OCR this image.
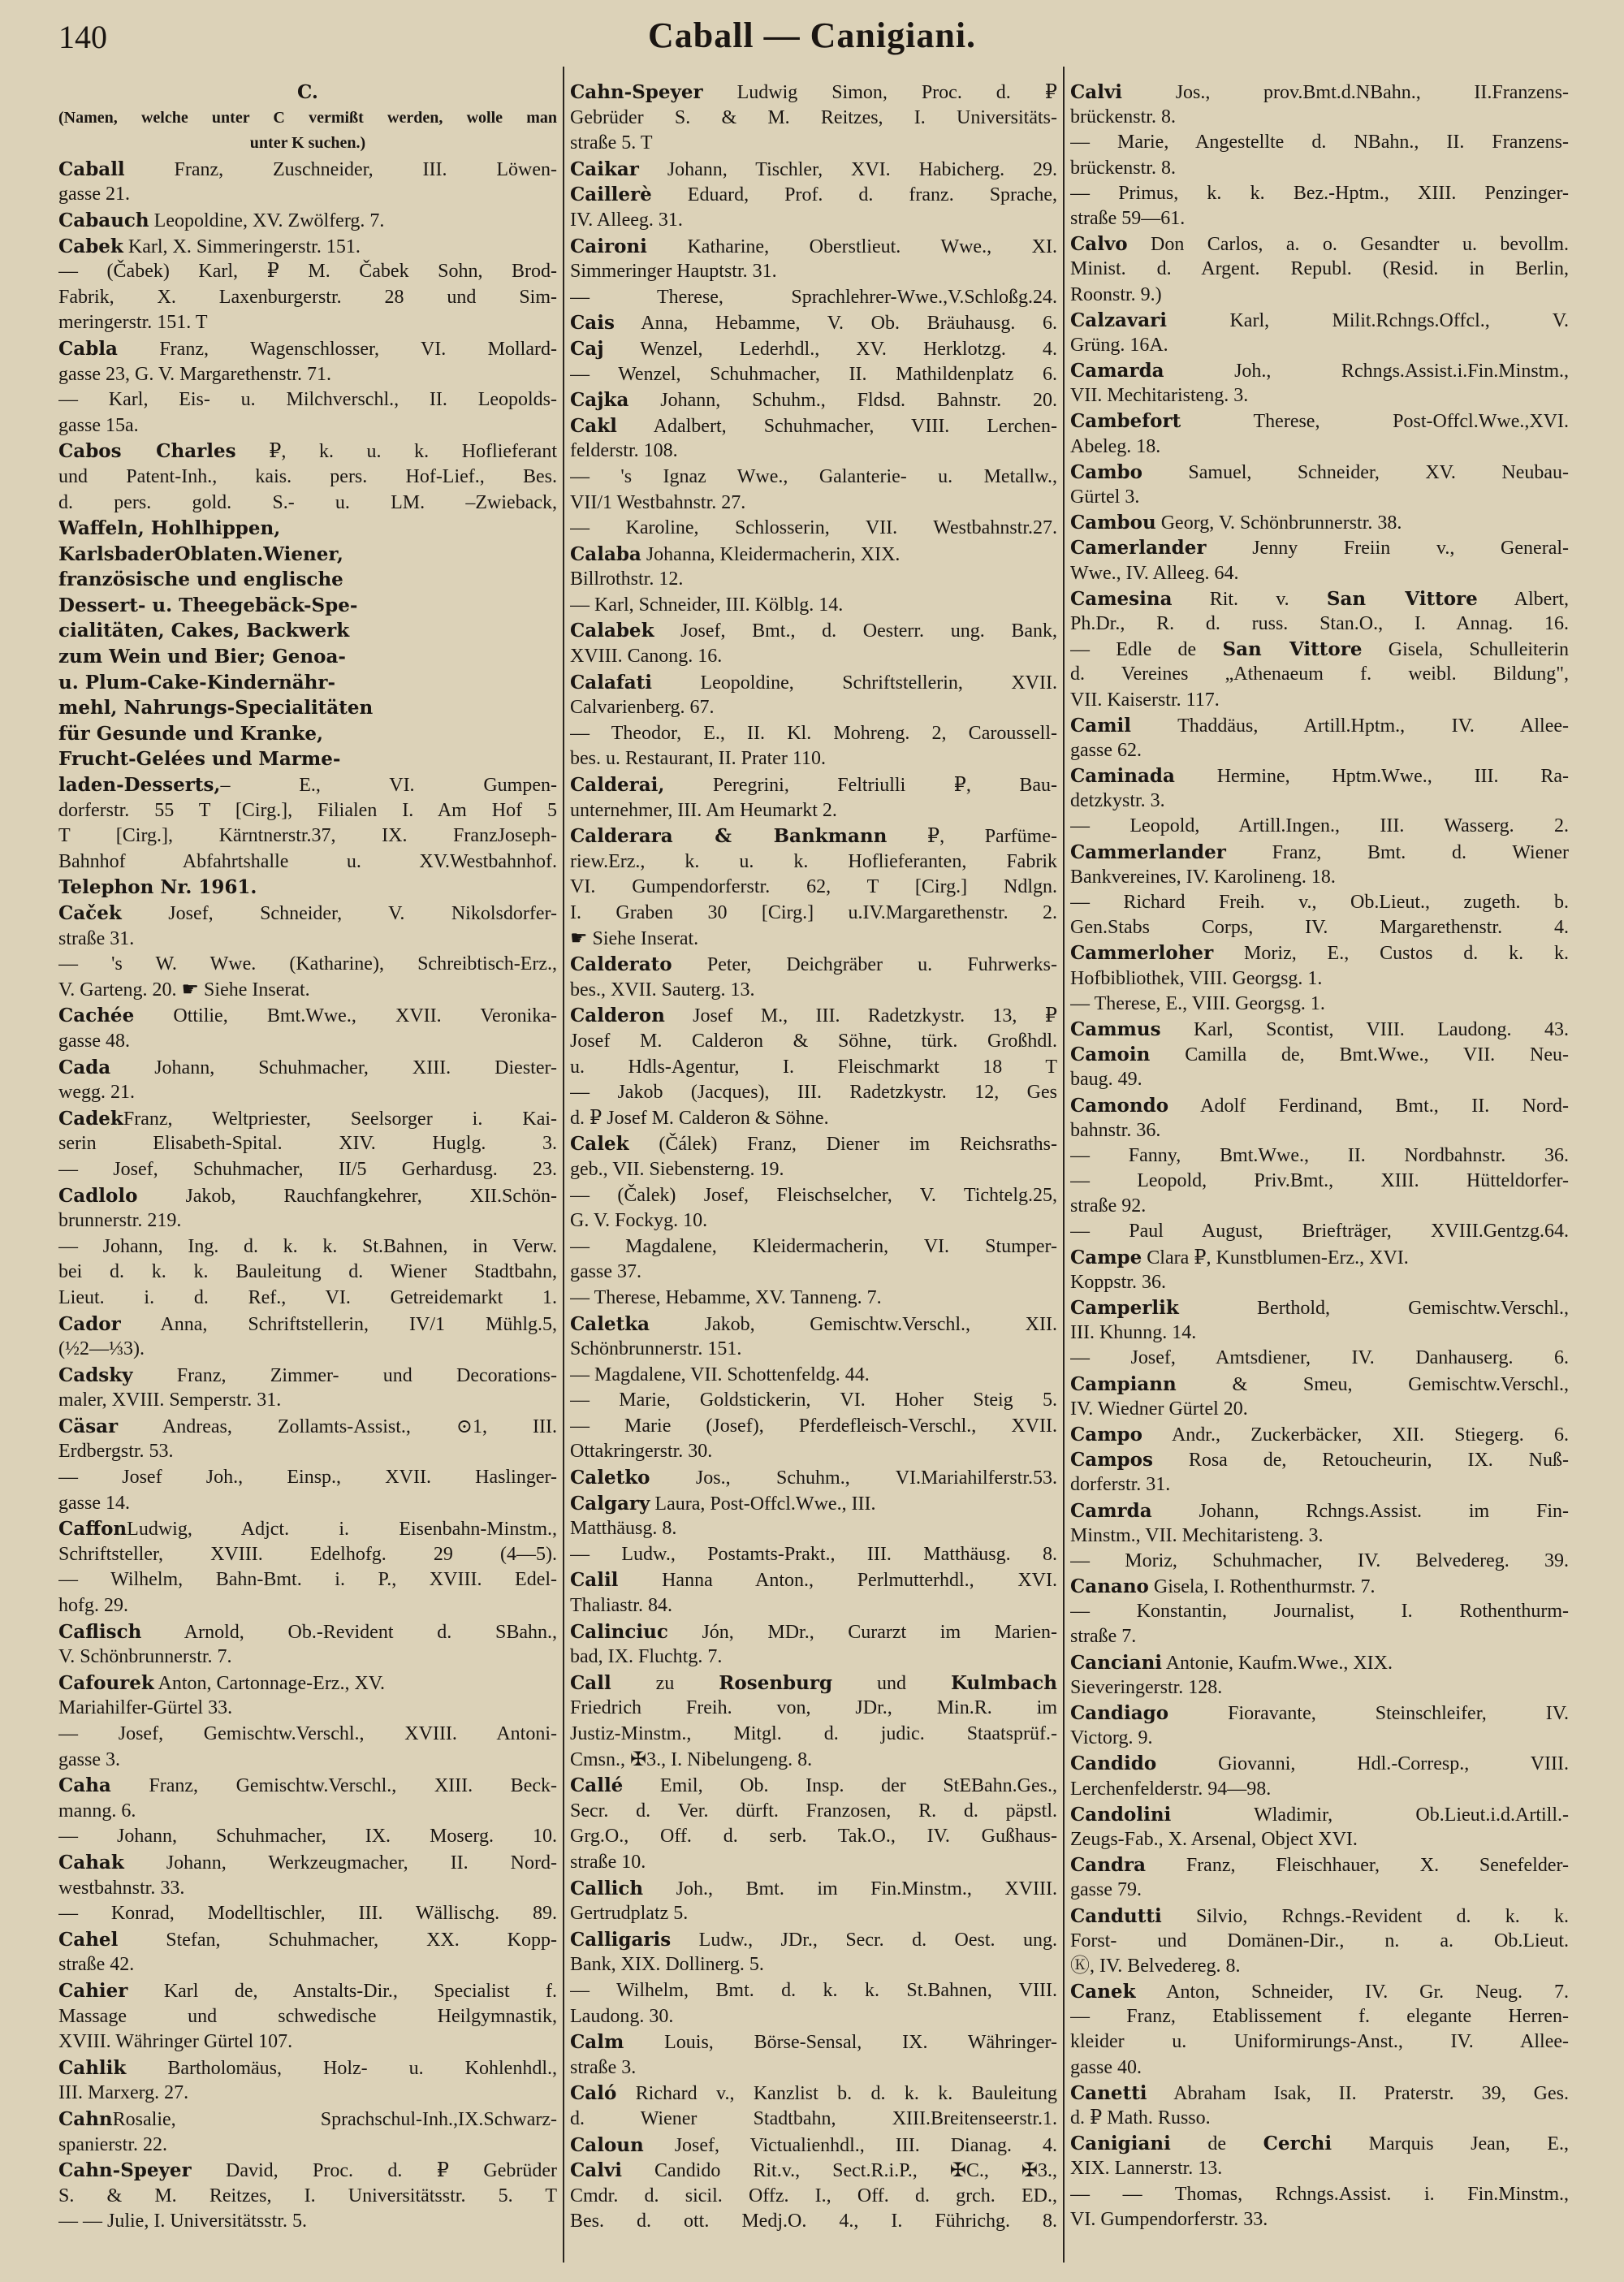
140	Caball — Canigiani.
C.
(Namen, welche unter C vermißt werden, wolle man
unter K suchen.)
Caball Franz, Zuschneider, III. Löwen-
gasse 21.
Cabauch Leopoldine, XV. Zwölferg. 7.
Cabek Karl, X. Simmeringerstr. 151.
— (Čabek) Karl, ₽ M. Čabek Sohn, Brod-
Fabrik, X. Laxenburgerstr. 28 und Sim-
meringerstr. 151. T
Cabla Franz, Wagenschlosser, VI. Mollard-
gasse 23, G. V. Margarethenstr. 71.
— Karl, Eis- u. Milchverschl., II. Leopolds-
gasse 15a.
Cabos Charles ₽, k. u. k. Hoflieferant
und Patent-Inh., kais. pers. Hof-Lief., Bes.
d. pers. gold. S.- u. LM. –Zwieback,
Waffeln, Hohlhippen,
KarlsbaderOblaten.Wiener,
französische und englische
Dessert- u. Theegebäck-Spe-
cialitäten, Cakes, Backwerk
zum Wein und Bier; Genoa-
u. Plum-Cake-Kindernähr-
mehl, Nahrungs-Specialitäten
für Gesunde und Kranke,
Frucht-Gelées und Marme-
laden-Desserts,– E., VI. Gumpen-
dorferstr. 55 T [Cirg.], Filialen I. Am Hof 5
T [Cirg.], Kärntnerstr.37, IX. FranzJoseph-
Bahnhof Abfahrtshalle u. XV.Westbahnhof.
Telephon Nr. 1961.
Caček Josef, Schneider, V. Nikolsdorfer-
straße 31.
— 's W. Wwe. (Katharine), Schreibtisch-Erz.,
V. Garteng. 20. ☛ Siehe Inserat.
Cachée Ottilie, Bmt.Wwe., XVII. Veronika-
gasse 48.
Cada Johann, Schuhmacher, XIII. Diester-
wegg. 21.
CadekFranz, Weltpriester, Seelsorger i. Kai-
serin Elisabeth-Spital. XIV. Huglg. 3.
— Josef, Schuhmacher, II/5 Gerhardusg. 23.
Cadlolo Jakob, Rauchfangkehrer, XII.Schön-
brunnerstr. 219.
— Johann, Ing. d. k. k. St.Bahnen, in Verw.
bei d. k. k. Bauleitung d. Wiener Stadtbahn,
Lieut. i. d. Ref., VI. Getreidemarkt 1.
Cador Anna, Schriftstellerin, IV/1 Mühlg.5,
(½2—⅓3).
Cadsky Franz, Zimmer- und Decorations-
maler, XVIII. Semperstr. 31.
Cäsar Andreas, Zollamts-Assist., ⊙1, III.
Erdbergstr. 53.
— Josef Joh., Einsp., XVII. Haslinger-
gasse 14.
CaffonLudwig, Adjct. i. Eisenbahn-Minstm.,
Schriftsteller, XVIII. Edelhofg. 29 (4—5).
— Wilhelm, Bahn-Bmt. i. P., XVIII. Edel-
hofg. 29.
Caflisch Arnold, Ob.-Revident d. SBahn.,
V. Schönbrunnerstr. 7.
Cafourek Anton, Cartonnage-Erz., XV.
Mariahilfer-Gürtel 33.
— Josef, Gemischtw.Verschl., XVIII. Antoni-
gasse 3.
Caha Franz, Gemischtw.Verschl., XIII. Beck-
manng. 6.
— Johann, Schuhmacher, IX. Moserg. 10.
Cahak Johann, Werkzeugmacher, II. Nord-
westbahnstr. 33.
— Konrad, Modelltischler, III. Wällischg. 89.
Cahel Stefan, Schuhmacher, XX. Kopp-
straße 42.
Cahier Karl de, Anstalts-Dir., Specialist f.
Massage und schwedische Heilgymnastik,
XVIII. Währinger Gürtel 107.
Cahlik Bartholomäus, Holz- u. Kohlenhdl.,
III. Marxerg. 27.
CahnRosalie, Sprachschul-Inh.,IX.Schwarz-
spanierstr. 22.
Cahn-Speyer David, Proc. d. ₽ Gebrüder
S. & M. Reitzes, I. Universitätsstr. 5. T
— — Julie, I. Universitätsstr. 5.
Cahn-Speyer Ludwig Simon, Proc. d. ₽
Gebrüder S. & M. Reitzes, I. Universitäts-
straße 5. T
Caikar Johann, Tischler, XVI. Habicherg. 29.
Caillerè Eduard, Prof. d. franz. Sprache,
IV. Alleeg. 31.
Caironi Katharine, Oberstlieut. Wwe., XI.
Simmeringer Hauptstr. 31.
— Therese, Sprachlehrer-Wwe.,V.Schloßg.24.
Cais Anna, Hebamme, V. Ob. Bräuhausg. 6.
Caj Wenzel, Lederhdl., XV. Herklotzg. 4.
— Wenzel, Schuhmacher, II. Mathildenplatz 6.
Cajka Johann, Schuhm., Fldsd. Bahnstr. 20.
Cakl Adalbert, Schuhmacher, VIII. Lerchen-
felderstr. 108.
— 's Ignaz Wwe., Galanterie- u. Metallw.,
VII/1 Westbahnstr. 27.
— Karoline, Schlosserin, VII. Westbahnstr.27.
Calaba Johanna, Kleidermacherin, XIX.
Billrothstr. 12.
— Karl, Schneider, III. Kölblg. 14.
Calabek Josef, Bmt., d. Oesterr. ung. Bank,
XVIII. Canong. 16.
Calafati Leopoldine, Schriftstellerin, XVII.
Calvarienberg. 67.
— Theodor, E., II. Kl. Mohreng. 2, Caroussell-
bes. u. Restaurant, II. Prater 110.
Calderai, Peregrini, Feltriulli ₽, Bau-
unternehmer, III. Am Heumarkt 2.
Calderara & Bankmann ₽, Parfüme-
riew.Erz., k. u. k. Hoflieferanten, Fabrik
VI. Gumpendorferstr. 62, T [Cirg.] Ndlgn.
I. Graben 30 [Cirg.] u.IV.Margarethenstr. 2.
☛ Siehe Inserat.
Calderato Peter, Deichgräber u. Fuhrwerks-
bes., XVII. Sauterg. 13.
Calderon Josef M., III. Radetzkystr. 13, ₽
Josef M. Calderon & Söhne, türk. Großhdl.
u. Hdls-Agentur, I. Fleischmarkt 18 T
— Jakob (Jacques), III. Radetzkystr. 12, Ges
d. ₽ Josef M. Calderon & Söhne.
Calek (Čálek) Franz, Diener im Reichsraths-
geb., VII. Siebensterng. 19.
— (Čalek) Josef, Fleischselcher, V. Tichtelg.25,
G. V. Fockyg. 10.
— Magdalene, Kleidermacherin, VI. Stumper-
gasse 37.
— Therese, Hebamme, XV. Tanneng. 7.
Caletka Jakob, Gemischtw.Verschl., XII.
Schönbrunnerstr. 151.
— Magdalene, VII. Schottenfeldg. 44.
— Marie, Goldstickerin, VI. Hoher Steig 5.
— Marie (Josef), Pferdefleisch-Verschl., XVII.
Ottakringerstr. 30.
Caletko Jos., Schuhm., VI.Mariahilferstr.53.
Calgary Laura, Post-Offcl.Wwe., III.
Matthäusg. 8.
— Ludw., Postamts-Prakt., III. Matthäusg. 8.
Calil Hanna Anton., Perlmutterhdl., XVI.
Thaliastr. 84.
Calinciuc Jón, MDr., Curarzt im Marien-
bad, IX. Fluchtg. 7.
Call zu Rosenburg und Kulmbach
Friedrich Freih. von, JDr., Min.R. im
Justiz-Minstm., Mitgl. d. judic. Staatsprüf.-
Cmsn., ✠3., I. Nibelungeng. 8.
Callé Emil, Ob. Insp. der StEBahn.Ges.,
Secr. d. Ver. dürft. Franzosen, R. d. päpstl.
Grg.O., Off. d. serb. Tak.O., IV. Gußhaus-
straße 10.
Callich Joh., Bmt. im Fin.Minstm., XVIII.
Gertrudplatz 5.
Calligaris Ludw., JDr., Secr. d. Oest. ung.
Bank, XIX. Dollinerg. 5.
— Wilhelm, Bmt. d. k. k. St.Bahnen, VIII.
Laudong. 30.
Calm Louis, Börse-Sensal, IX. Währinger-
straße 3.
Caló Richard v., Kanzlist b. d. k. k. Bauleitung
d. Wiener Stadtbahn, XIII.Breitenseerstr.1.
Caloun Josef, Victualienhdl., III. Dianag. 4.
Calvi Candido Rit.v., Sect.R.i.P., ✠C., ✠3.,
Cmdr. d. sicil. Offz. I., Off. d. grch. ED.,
Bes. d. ott. Medj.O. 4., I. Führichg. 8.
Calvi Jos., prov.Bmt.d.NBahn., II.Franzens-
brückenstr. 8.
— Marie, Angestellte d. NBahn., II. Franzens-
brückenstr. 8.
— Primus, k. k. Bez.-Hptm., XIII. Penzinger-
straße 59—61.
Calvo Don Carlos, a. o. Gesandter u. bevollm.
Minist. d. Argent. Republ. (Resid. in Berlin,
Roonstr. 9.)
Calzavari Karl, Milit.Rchngs.Offcl., V.
Grüng. 16A.
Camarda Joh., Rchngs.Assist.i.Fin.Minstm.,
VII. Mechitaristeng. 3.
Cambefort Therese, Post-Offcl.Wwe.,XVI.
Abeleg. 18.
Cambo Samuel, Schneider, XV. Neubau-
Gürtel 3.
Cambou Georg, V. Schönbrunnerstr. 38.
Camerlander Jenny Freiin v., General-
Wwe., IV. Alleeg. 64.
Camesina Rit. v. San Vittore Albert,
Ph.Dr., R. d. russ. Stan.O., I. Annag. 16.
— Edle de San Vittore Gisela, Schulleiterin
d. Vereines „Athenaeum f. weibl. Bildung",
VII. Kaiserstr. 117.
Camil Thaddäus, Artill.Hptm., IV. Allee-
gasse 62.
Caminada Hermine, Hptm.Wwe., III. Ra-
detzkystr. 3.
— Leopold, Artill.Ingen., III. Wasserg. 2.
Cammerlander Franz, Bmt. d. Wiener
Bankvereines, IV. Karolineng. 18.
— Richard Freih. v., Ob.Lieut., zugeth. b.
Gen.Stabs Corps, IV. Margarethenstr. 4.
Cammerloher Moriz, E., Custos d. k. k.
Hofbibliothek, VIII. Georgsg. 1.
— Therese, E., VIII. Georgsg. 1.
Cammus Karl, Scontist, VIII. Laudong. 43.
Camoin Camilla de, Bmt.Wwe., VII. Neu-
baug. 49.
Camondo Adolf Ferdinand, Bmt., II. Nord-
bahnstr. 36.
— Fanny, Bmt.Wwe., II. Nordbahnstr. 36.
— Leopold, Priv.Bmt., XIII. Hütteldorfer-
straße 92.
— Paul August, Briefträger, XVIII.Gentzg.64.
Campe Clara ₽, Kunstblumen-Erz., XVI.
Koppstr. 36.
Camperlik Berthold, Gemischtw.Verschl.,
III. Khunng. 14.
— Josef, Amtsdiener, IV. Danhauserg. 6.
Campiann & Smeu, Gemischtw.Verschl.,
IV. Wiedner Gürtel 20.
Campo Andr., Zuckerbäcker, XII. Stiegerg. 6.
Campos Rosa de, Retoucheurin, IX. Nuß-
dorferstr. 31.
Camrda Johann, Rchngs.Assist. im Fin-
Minstm., VII. Mechitaristeng. 3.
— Moriz, Schuhmacher, IV. Belvedereg. 39.
Canano Gisela, I. Rothenthurmstr. 7.
— Konstantin, Journalist, I. Rothenthurm-
straße 7.
Canciani Antonie, Kaufm.Wwe., XIX.
Sieveringerstr. 128.
Candiago Fioravante, Steinschleifer, IV.
Victorg. 9.
Candido Giovanni, Hdl.-Corresp., VIII.
Lerchenfelderstr. 94—98.
Candolini Wladimir, Ob.Lieut.i.d.Artill.-
Zeugs-Fab., X. Arsenal, Object XVI.
Candra Franz, Fleischhauer, X. Senefelder-
gasse 79.
Candutti Silvio, Rchngs.-Revident d. k. k.
Forst- und Domänen-Dir., n. a. Ob.Lieut.
Ⓚ, IV. Belvedereg. 8.
Canek Anton, Schneider, IV. Gr. Neug. 7.
— Franz, Etablissement f. elegante Herren-
kleider u. Uniformirungs-Anst., IV. Allee-
gasse 40.
Canetti Abraham Isak, II. Praterstr. 39, Ges.
d. ₽ Math. Russo.
Canigiani de Cerchi Marquis Jean, E.,
XIX. Lannerstr. 13.
— — Thomas, Rchngs.Assist. i. Fin.Minstm.,
VI. Gumpendorferstr. 33.
